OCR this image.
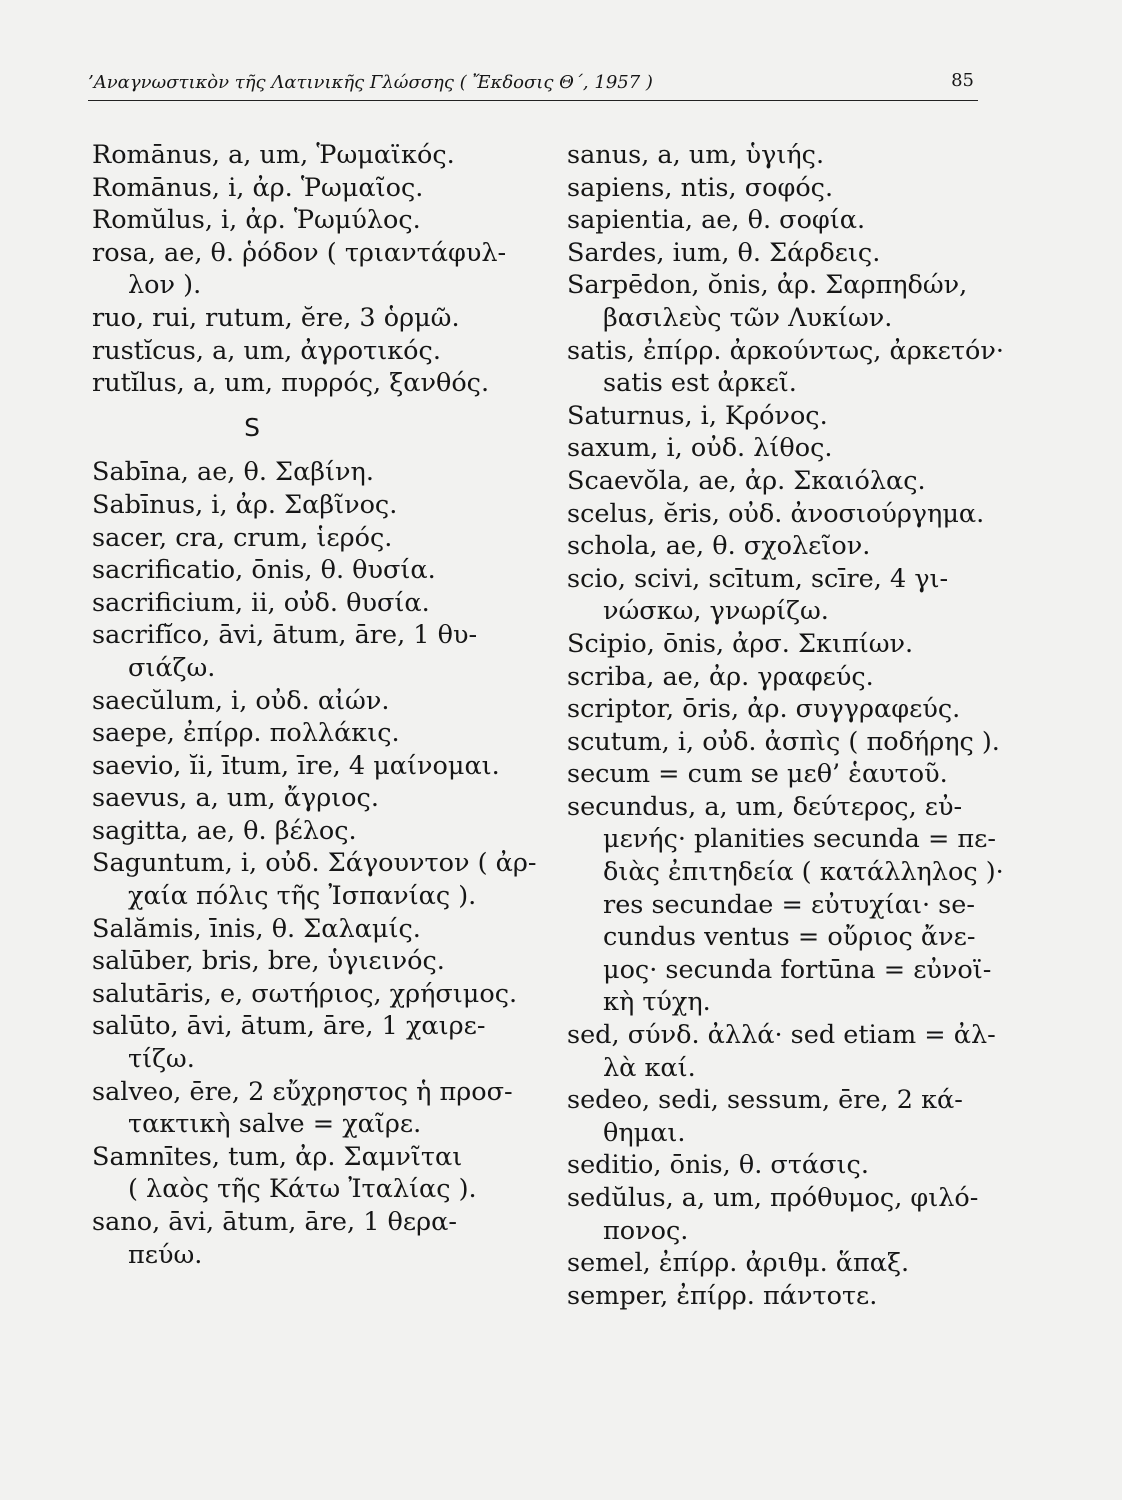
’Αναγνωστικὸν τῆς Λατινικῆς Γλώσσης ( Ἔκδοσις Θ΄, 1957 )	85
Romānus, a, um, Ῥωμαϊκός.
Romānus, i, ἀρ. Ῥωμαῖος.
Romŭlus, i, ἀρ. Ῥωμύλος.
rosa, ae, θ. ῥόδον ( τριαντάφυλ-
λον ).
ruo, rui, rutum, ĕre, 3 ὁρμῶ.
rustĭcus, a, um, ἀγροτικός.
rutĭlus, a, um, πυρρός, ξανθός.
S
Sabīna, ae, θ. Σαβίνη.
Sabīnus, i, ἀρ. Σαβῖνος.
sacer, cra, crum, ἱερός.
sacrificatio, ōnis, θ. θυσία.
sacrificium, ii, οὐδ. θυσία.
sacrifĭco, āvi, ātum, āre, 1 θυ-
σιάζω.
saecŭlum, i, οὐδ. αἰών.
saepe, ἐπίρρ. πολλάκις.
saevio, ĭi, ītum, īre, 4 μαίνομαι.
saevus, a, um, ἄγριος.
sagitta, ae, θ. βέλος.
Saguntum, i, οὐδ. Σάγουντον ( ἀρ-
χαία πόλις τῆς Ἰσπανίας ).
Salămis, īnis, θ. Σαλαμίς.
salūber, bris, bre, ὑγιεινός.
salutāris, e, σωτήριος, χρήσιμος.
salūto, āvi, ātum, āre, 1 χαιρε-
τίζω.
salveo, ēre, 2 εὔχρηστος ἡ προσ-
τακτικὴ salve = χαῖρε.
Samnītes, tum, ἀρ. Σαμνῖται
( λαὸς τῆς Κάτω Ἰταλίας ).
sano, āvi, ātum, āre, 1 θερα-
πεύω.
sanus, a, um, ὑγιής.
sapiens, ntis, σοφός.
sapientia, ae, θ. σοφία.
Sardes, ium, θ. Σάρδεις.
Sarpēdon, ŏnis, ἀρ. Σαρπηδών,
βασιλεὺς τῶν Λυκίων.
satis, ἐπίρρ. ἀρκούντως, ἀρκετόν·
satis est ἀρκεῖ.
Saturnus, i, Κρόνος.
saxum, i, οὐδ. λίθος.
Scaevŏla, ae, ἀρ. Σκαιόλας.
scelus, ĕris, οὐδ. ἀνοσιούργημα.
schola, ae, θ. σχολεῖον.
scio, scivi, scītum, scīre, 4 γι-
νώσκω, γνωρίζω.
Scipio, ōnis, ἀρσ. Σκιπίων.
scriba, ae, ἀρ. γραφεύς.
scriptor, ōris, ἀρ. συγγραφεύς.
scutum, i, οὐδ. ἀσπὶς ( ποδήρης ).
secum = cum se μεθ’ ἑαυτοῦ.
secundus, a, um, δεύτερος, εὐ-
μενής· planities secunda = πε-
διὰς ἐπιτηδεία ( κατάλληλος )·
res secundae = εὐτυχίαι· se-
cundus ventus = οὔριος ἄνε-
μος· secunda fortūna = εὐνοϊ-
κὴ τύχη.
sed, σύνδ. ἀλλά· sed etiam = ἀλ-
λὰ καί.
sedeo, sedi, sessum, ēre, 2 κά-
θημαι.
seditio, ōnis, θ. στάσις.
sedŭlus, a, um, πρόθυμος, φιλό-
πονος.
semel, ἐπίρρ. ἀριθμ. ἅπαξ.
semper, ἐπίρρ. πάντοτε.
